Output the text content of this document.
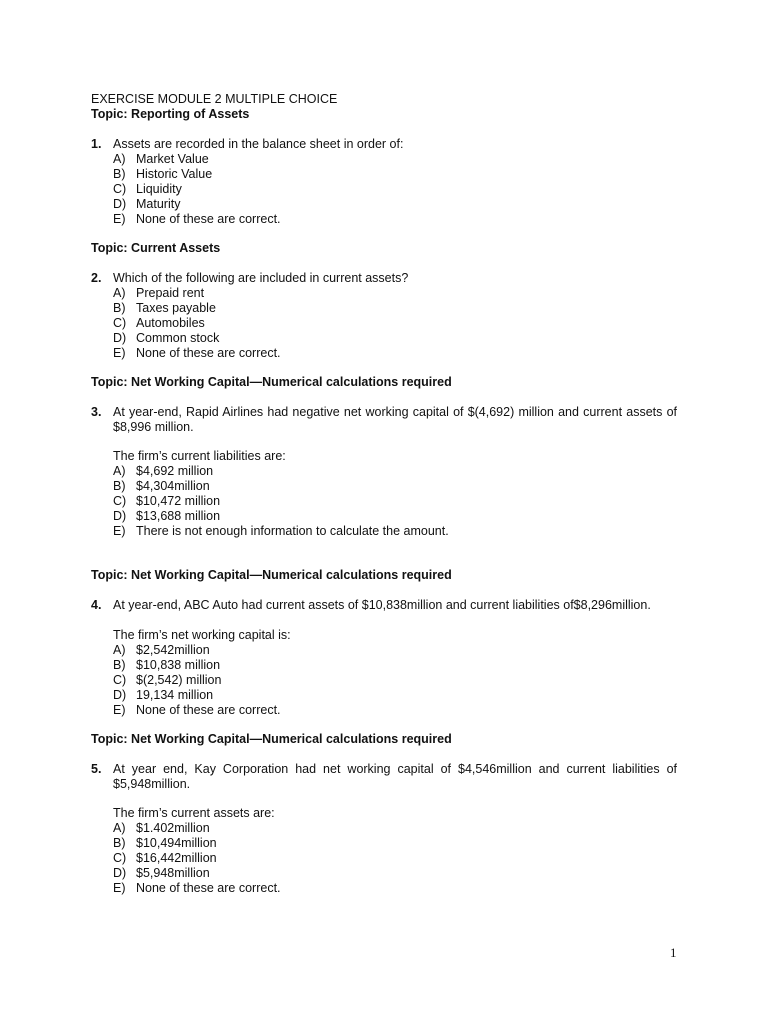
EXERCISE MODULE 2 MULTIPLE CHOICE
Topic: Reporting of Assets
1. Assets are recorded in the balance sheet in order of:
A) Market Value
B) Historic Value
C) Liquidity
D) Maturity
E) None of these are correct.
Topic: Current Assets
2. Which of the following are included in current assets?
A) Prepaid rent
B) Taxes payable
C) Automobiles
D) Common stock
E) None of these are correct.
Topic: Net Working Capital—Numerical calculations required
3. At year-end, Rapid Airlines had negative net working capital of $(4,692) million and current assets of $8,996 million.
The firm’s current liabilities are:
A) $4,692 million
B) $4,304million
C) $10,472 million
D) $13,688 million
E) There is not enough information to calculate the amount.
Topic: Net Working Capital—Numerical calculations required
4. At year-end, ABC Auto had current assets of $10,838million and current liabilities of$8,296million.
The firm’s net working capital is:
A) $2,542million
B) $10,838 million
C) $(2,542) million
D) 19,134 million
E) None of these are correct.
Topic: Net Working Capital—Numerical calculations required
5. At year end, Kay Corporation had net working capital of $4,546million and current liabilities of $5,948million.
The firm’s current assets are:
A) $1.402million
B) $10,494million
C) $16,442million
D) $5,948million
E) None of these are correct.
1
